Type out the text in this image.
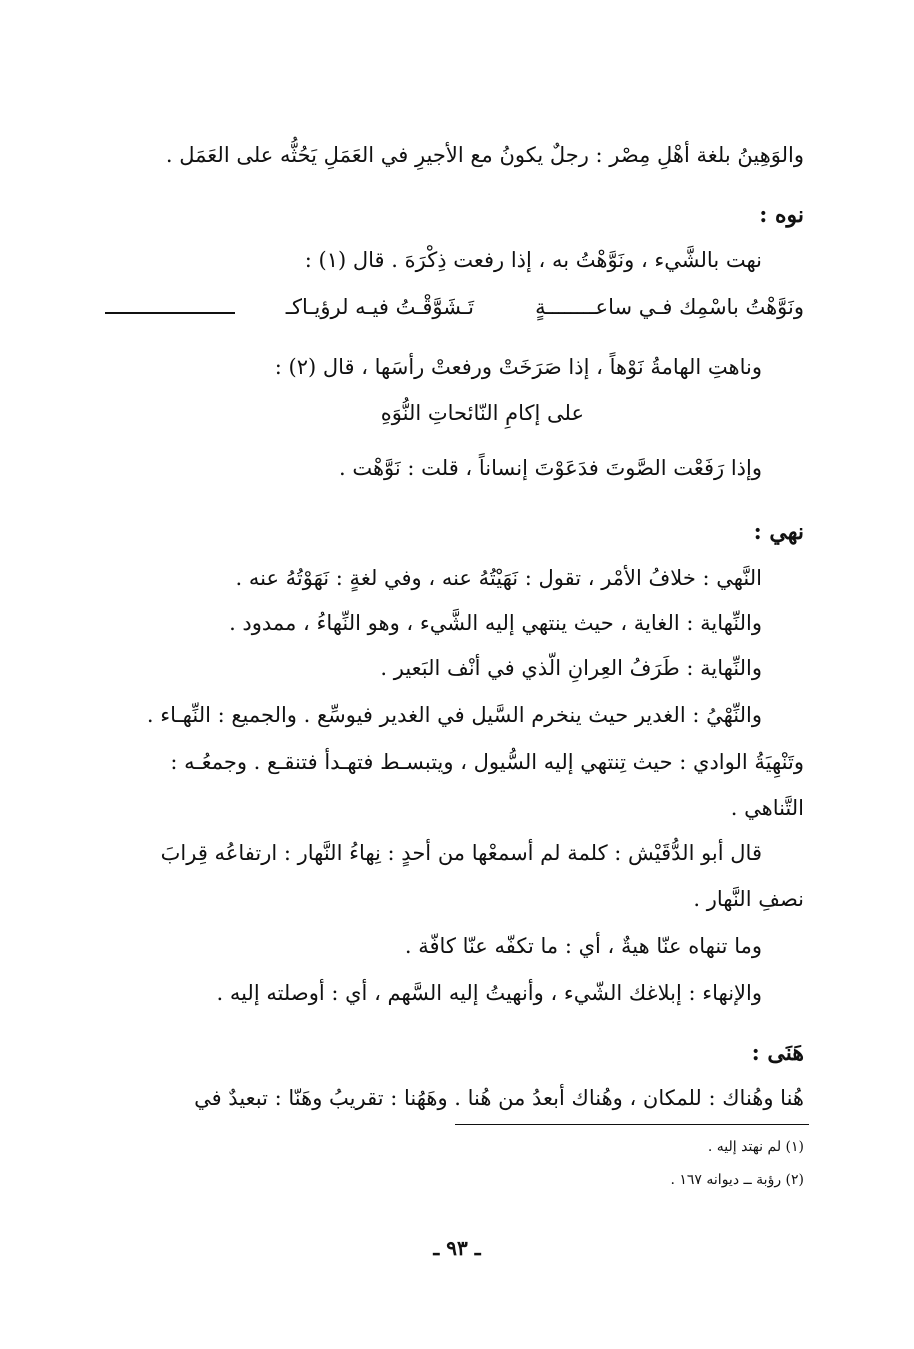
والوَهِينُ بلغة أهْلِ مِصْر : رجلٌ يكونُ مع الأجيرِ في العَمَلِ يَحُثُّه على العَمَل .
نوه :
نهت بالشَّيء ، ونَوَّهْتُ به ، إذا رفعت ذِكْرَهَ . قال (١) :
ونَوَّهْتُ باسْمِك فـي ساعــــــــةٍ
تَـشَوَّقْـتُ فيـه لرؤيـاكـ
وناهتِ الهامةُ نَوْهاً ، إذا صَرَخَتْ ورفعتْ رأسَها ، قال (٢) :
على إكامِ النّائحاتِ النُّوَهِ
وإذا رَفَعْت الصَّوتَ فدَعَوْتَ إنساناً ، قلت : نَوَّهْت .
نهي :
النَّهي : خلافُ الأمْر ، تقول : نَهَيْتُهُ عنه ، وفي لغةٍ : نَهَوْتُهُ عنه .
والنِّهاية : الغاية ، حيث ينتهي إليه الشَّيء ، وهو النِّهاءُ ، ممدود .
والنِّهاية : طَرَفُ العِرانِ الّذي في أنْف البَعير .
والنِّهْيُ : الغدير حيث ينخرم السَّيل في الغدير فيوسِّع . والجميع : النِّهـاء .
وتَنْهِيَةُ الوادي : حيث تِنتهي إليه السُّيول ، ويتبسـط فتهـدأ فتنقـع . وجمعُـه :
التَّناهي .
قال أبو الدُّقَيْش : كلمة لم أسمعْها من أحدٍ : نِهاءُ النَّهار : ارتفاعُه قِرابَ
نصفِ النَّهار .
وما تنهاه عنّا هيةٌ ، أي : ما تكفّه عنّا كافّة .
والإنهاء : إبلاغك الشّيء ، وأنهيتُ إليه السَّهم ، أي : أوصلته إليه .
هَنَى :
هُنا وهُناك : للمكان ، وهُناك أبعدُ من هُنا . وهَهُنا : تقريبُ وهَنّا : تبعيدٌ في
(١) لم نهتد إليه .
(٢) رؤبة ــ ديوانه ١٦٧ .
ـ ٩٣ ـ
